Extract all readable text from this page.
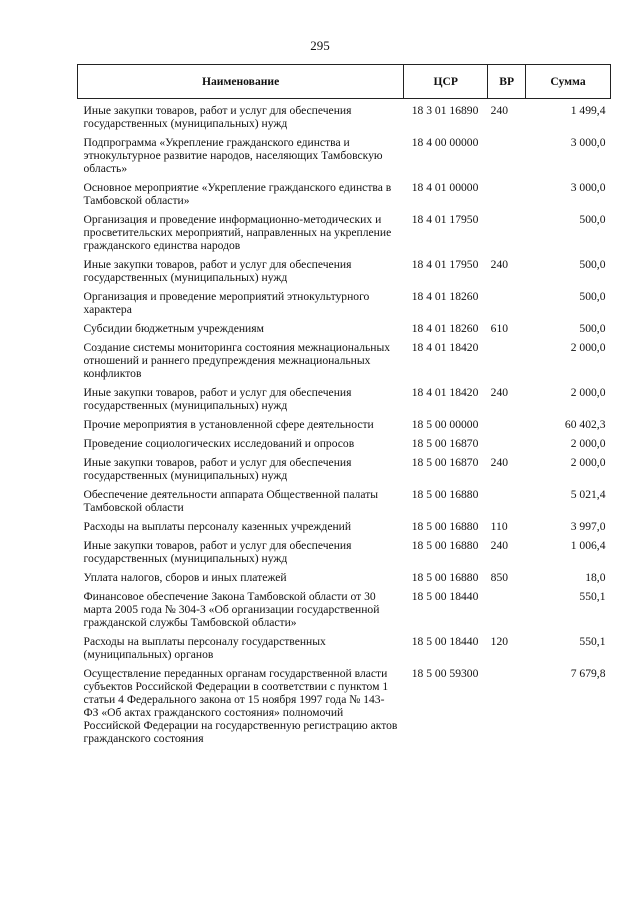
295
Наименование	ЦСР	ВР	Сумма
Иные закупки товаров, работ и услуг для обеспечения государственных (муниципальных) нужд	18 3 01 16890	240	1 499,4
Подпрограмма «Укрепление гражданского единства и этнокультурное развитие народов, населяющих Тамбовскую область»	18 4 00 00000		3 000,0
Основное мероприятие «Укрепление гражданского единства в Тамбовской области»	18 4 01 00000		3 000,0
Организация и проведение информационно-методических и просветительских мероприятий, направленных на укрепление гражданского единства народов	18 4 01 17950		500,0
Иные закупки товаров, работ и услуг для обеспечения государственных (муниципальных) нужд	18 4 01 17950	240	500,0
Организация и проведение мероприятий этнокультурного характера	18 4 01 18260		500,0
Субсидии бюджетным учреждениям	18 4 01 18260	610	500,0
Создание системы мониторинга состояния межнациональных отношений и раннего предупреждения межнациональных конфликтов	18 4 01 18420		2 000,0
Иные закупки товаров, работ и услуг для обеспечения государственных (муниципальных) нужд	18 4 01 18420	240	2 000,0
Прочие мероприятия в установленной сфере деятельности	18 5 00 00000		60 402,3
Проведение социологических исследований и опросов	18 5 00 16870		2 000,0
Иные закупки товаров, работ и услуг для обеспечения государственных (муниципальных) нужд	18 5 00 16870	240	2 000,0
Обеспечение деятельности аппарата Общественной палаты Тамбовской области	18 5 00 16880		5 021,4
Расходы на выплаты персоналу казенных учреждений	18 5 00 16880	110	3 997,0
Иные закупки товаров, работ и услуг для обеспечения государственных (муниципальных) нужд	18 5 00 16880	240	1 006,4
Уплата налогов, сборов и иных платежей	18 5 00 16880	850	18,0
Финансовое обеспечение Закона Тамбовской области от 30 марта 2005 года № 304-З «Об организации государственной гражданской службы Тамбовской области»	18 5 00 18440		550,1
Расходы на выплаты персоналу государственных (муниципальных) органов	18 5 00 18440	120	550,1
Осуществление переданных органам государственной власти субъектов Российской Федерации в соответствии с пунктом 1 статьи 4 Федерального закона от 15 ноября 1997 года № 143-ФЗ «Об актах гражданского состояния» полномочий Российской Федерации на государственную регистрацию актов гражданского состояния	18 5 00 59300		7 679,8
